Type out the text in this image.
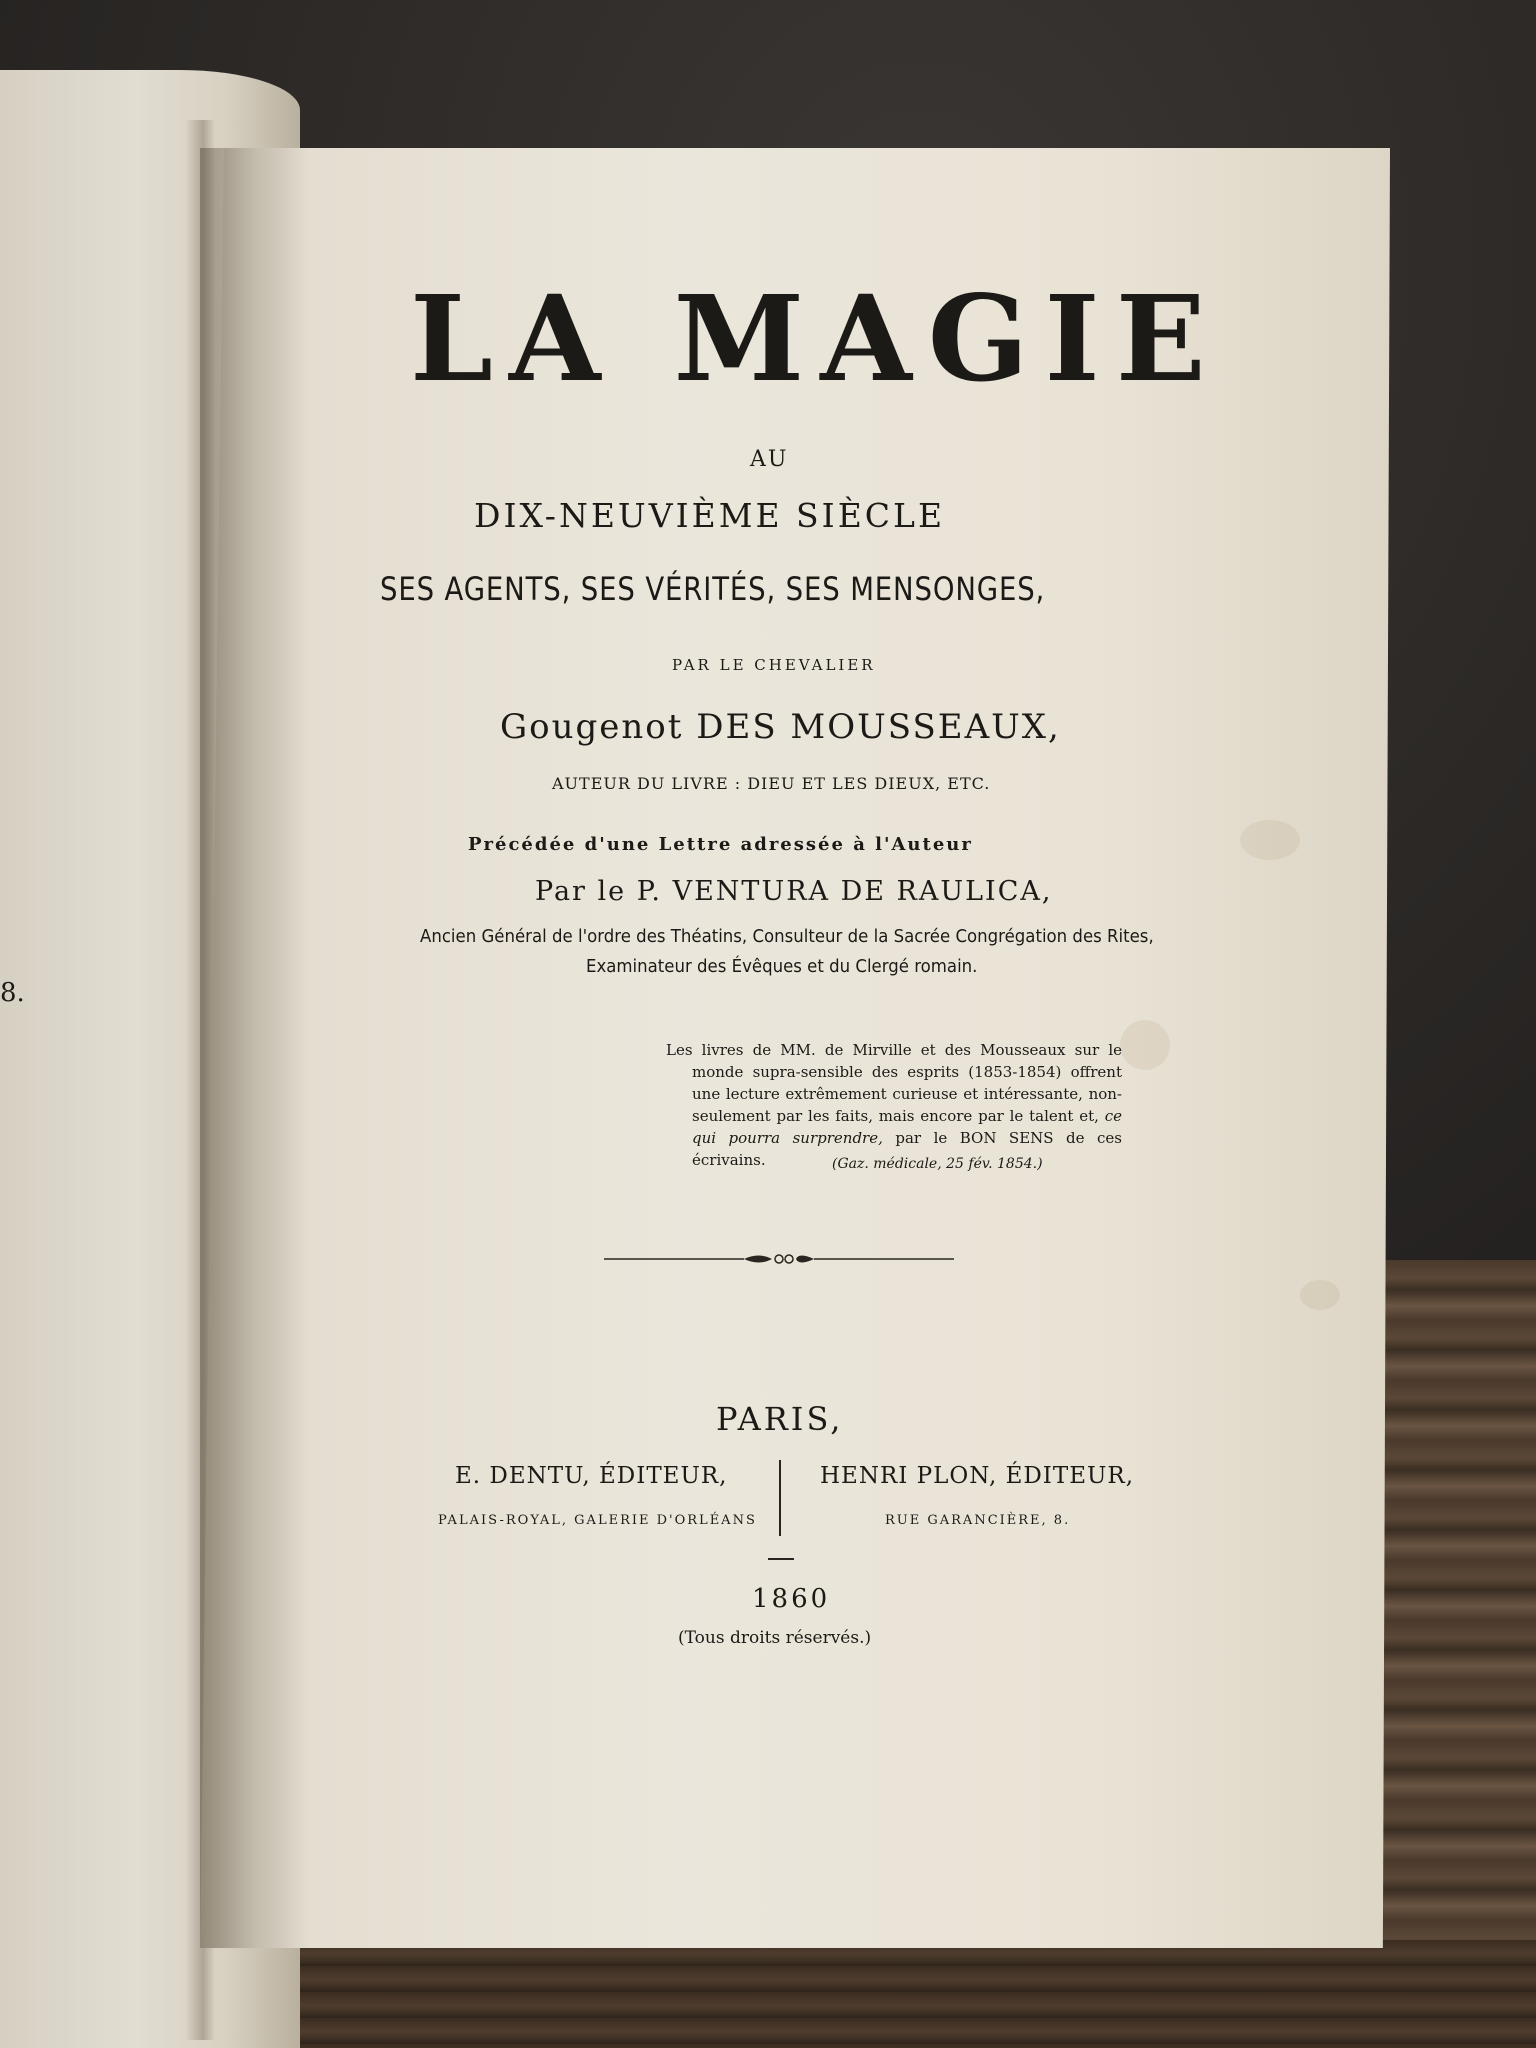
8.
LA MAGIE
AU
DIX-NEUVIÈME SIÈCLE
SES AGENTS, SES VÉRITÉS, SES MENSONGES,
PAR LE CHEVALIER
Gougenot DES MOUSSEAUX,
AUTEUR DU LIVRE : DIEU ET LES DIEUX, ETC.
Précédée d'une Lettre adressée à l'Auteur
Par le P. VENTURA DE RAULICA,
Ancien Général de l'ordre des Théatins, Consulteur de la Sacrée Congrégation des Rites,
Examinateur des Évêques et du Clergé romain.

Les livres de MM. de Mirville et des Mousseaux sur le monde supra-sensible des esprits (1853-1854) offrent une lecture extrêmement curieuse et intéressante, non-seulement par les faits, mais encore par le talent et, ce qui pourra surprendre, par le BON SENS de ces écrivains.	(Gaz. médicale, 25 fév. 1854.)
PARIS,
E. DENTU, ÉDITEUR,
PALAIS-ROYAL, GALERIE D'ORLÉANS
HENRI PLON, ÉDITEUR,
RUE GARANCIÈRE, 8.
1860
(Tous droits réservés.)
